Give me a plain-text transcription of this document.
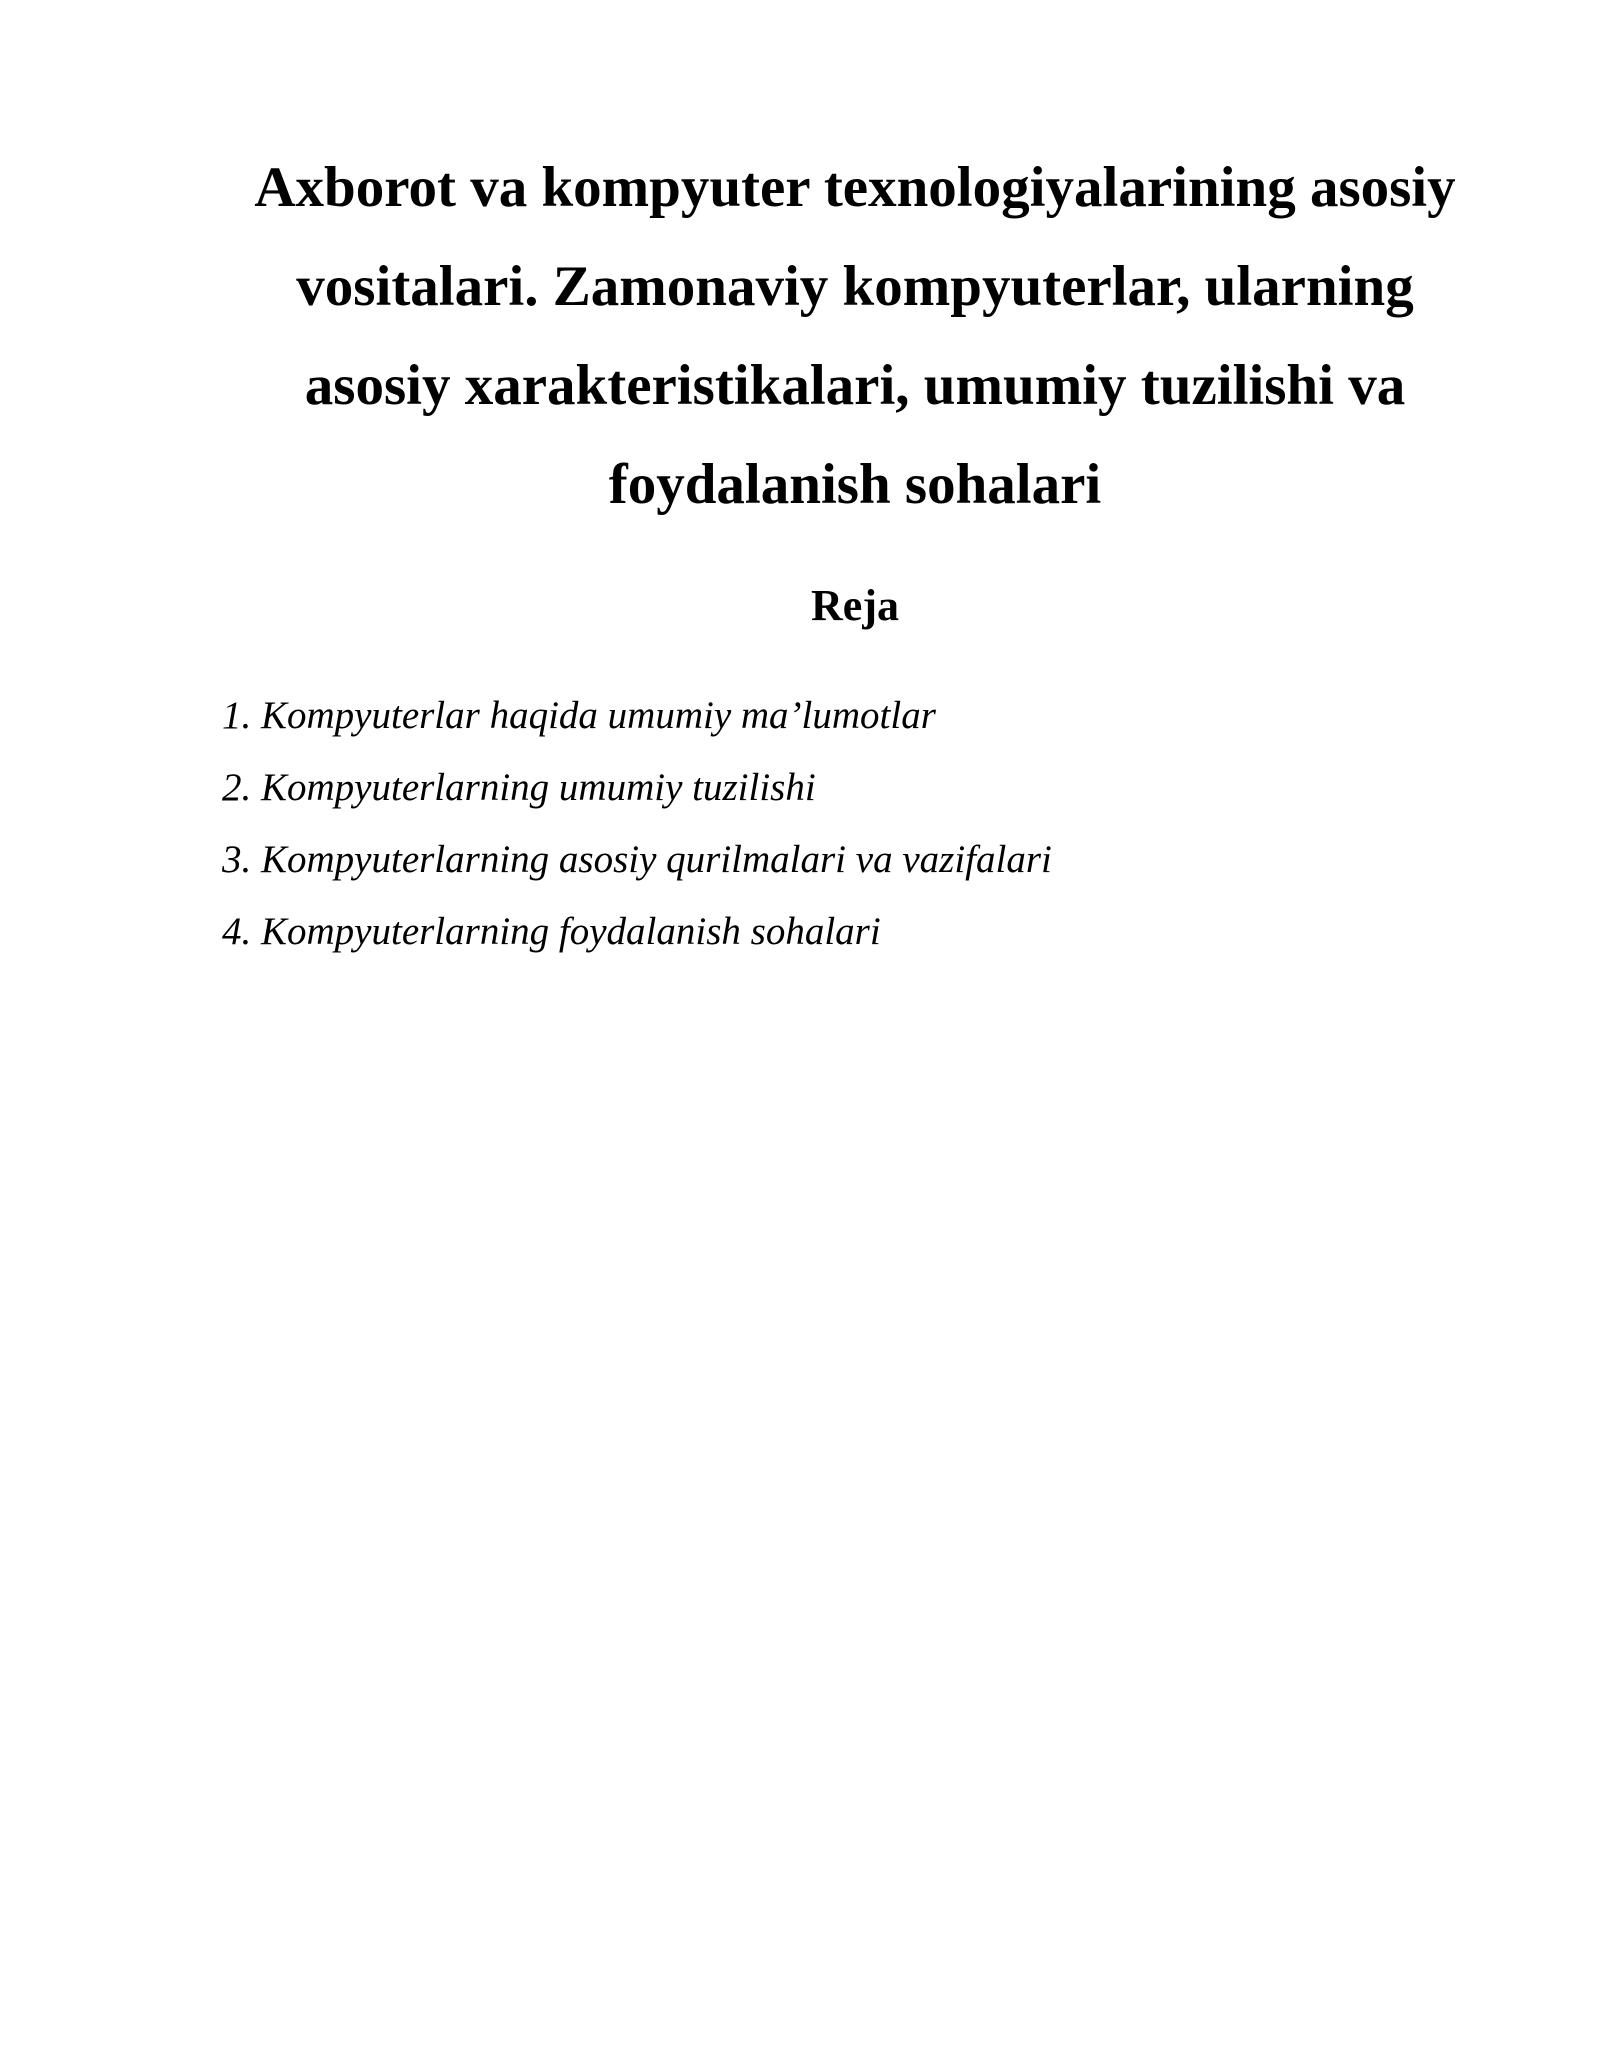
Axborot va kompyuter texnologiyalarining asosiy
vositalari. Zamonaviy kompyuterlar, ularning
asosiy xarakteristikalari, umumiy tuzilishi va
foydalanish sohalari
Reja
1. Kompyuterlar haqida umumiy ma’lumotlar
2. Kompyuterlarning umumiy tuzilishi
3. Kompyuterlarning asosiy qurilmalari va vazifalari
4. Kompyuterlarning foydalanish sohalari
